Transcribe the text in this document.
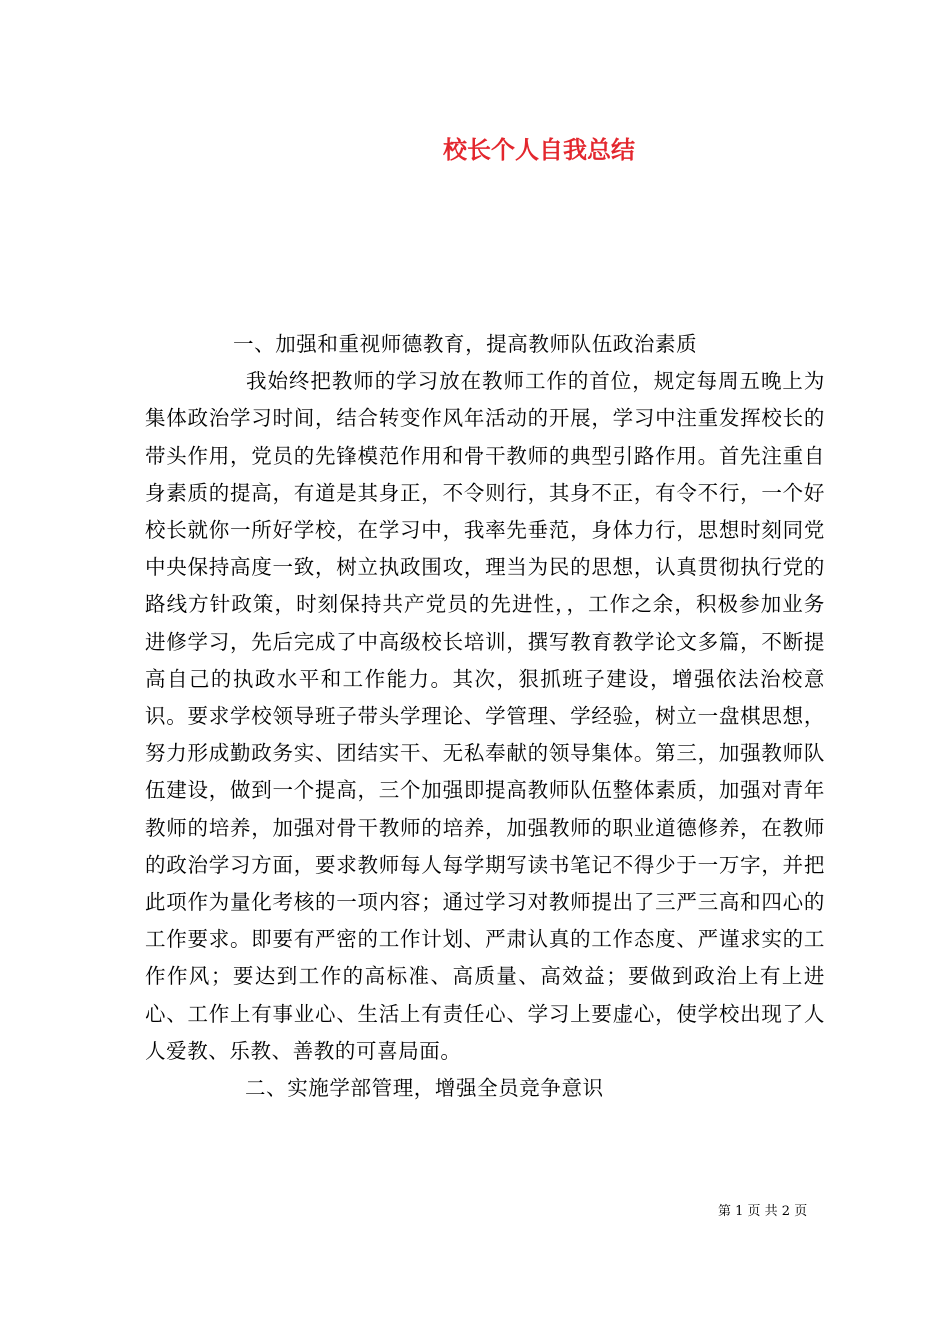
校长个人自我总结

一、加强和重视师德教育，提高教师队伍政治素质

我始终把教师的学习放在教师工作的首位，规定每周五晚上为集体政治学习时间，结合转变作风年活动的开展，学习中注重发挥校长的带头作用，党员的先锋模范作用和骨干教师的典型引路作用。首先注重自身素质的提高，有道是其身正，不令则行，其身不正，有令不行，一个好校长就你一所好学校，在学习中，我率先垂范，身体力行，思想时刻同党中央保持高度一致，树立执政围攻，理当为民的思想，认真贯彻执行党的路线方针政策，时刻保持共产党员的先进性，，工作之余，积极参加业务进修学习，先后完成了中高级校长培训，撰写教育教学论文多篇，不断提高自己的执政水平和工作能力。其次，狠抓班子建设，增强依法治校意识。要求学校领导班子带头学理论、学管理、学经验，树立一盘棋思想，努力形成勤政务实、团结实干、无私奉献的领导集体。第三，加强教师队伍建设，做到一个提高，三个加强即提高教师队伍整体素质，加强对青年教师的培养，加强对骨干教师的培养，加强教师的职业道德修养，在教师的政治学习方面，要求教师每人每学期写读书笔记不得少于一万字，并把此项作为量化考核的一项内容；通过学习对教师提出了三严三高和四心的工作要求。即要有严密的工作计划、严肃认真的工作态度、严谨求实的工作作风；要达到工作的高标准、高质量、高效益；要做到政治上有上进心、工作上有事业心、生活上有责任心、学习上要虚心，使学校出现了人人爱教、乐教、善教的可喜局面。

二、实施学部管理，增强全员竞争意识

第 1 页 共 2 页
